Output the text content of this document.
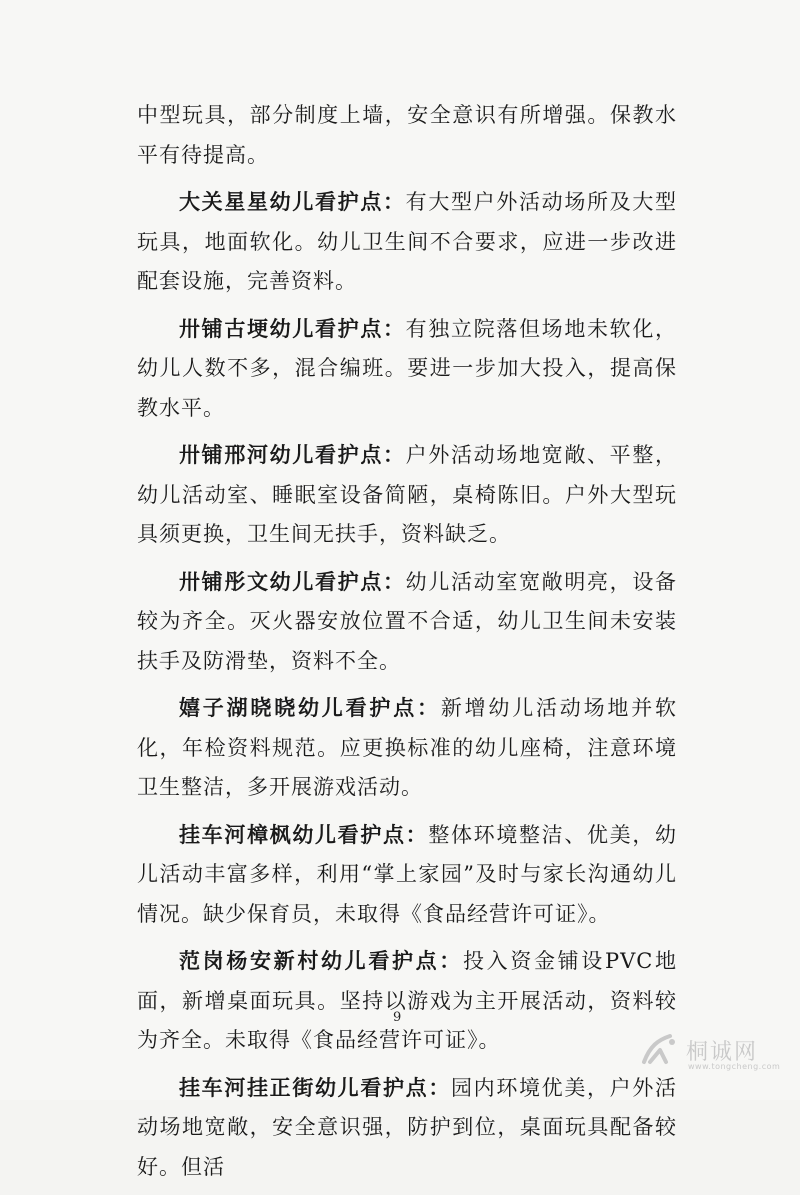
中型玩具，部分制度上墙，安全意识有所增强。保教水平有待提高。

大关星星幼儿看护点：有大型户外活动场所及大型玩具，地面软化。幼儿卫生间不合要求，应进一步改进配套设施，完善资料。

卅铺古埂幼儿看护点：有独立院落但场地未软化，幼儿人数不多，混合编班。要进一步加大投入，提高保教水平。

卅铺邢河幼儿看护点：户外活动场地宽敞、平整，幼儿活动室、睡眠室设备简陋，桌椅陈旧。户外大型玩具须更换，卫生间无扶手，资料缺乏。

卅铺彤文幼儿看护点：幼儿活动室宽敞明亮，设备较为齐全。灭火器安放位置不合适，幼儿卫生间未安装扶手及防滑垫，资料不全。

嬉子湖晓晓幼儿看护点：新增幼儿活动场地并软化，年检资料规范。应更换标准的幼儿座椅，注意环境卫生整洁，多开展游戏活动。

挂车河樟枫幼儿看护点：整体环境整洁、优美，幼儿活动丰富多样，利用“掌上家园”及时与家长沟通幼儿情况。缺少保育员，未取得《食品经营许可证》。

范岗杨安新村幼儿看护点：投入资金铺设PVC地面，新增桌面玩具。坚持以游戏为主开展活动，资料较为齐全。未取得《食品经营许可证》。

挂车河挂正街幼儿看护点：园内环境优美，户外活动场地宽敞，安全意识强，防护到位，桌面玩具配备较好。但活

9
桐诚网
www.tongcheng.com
